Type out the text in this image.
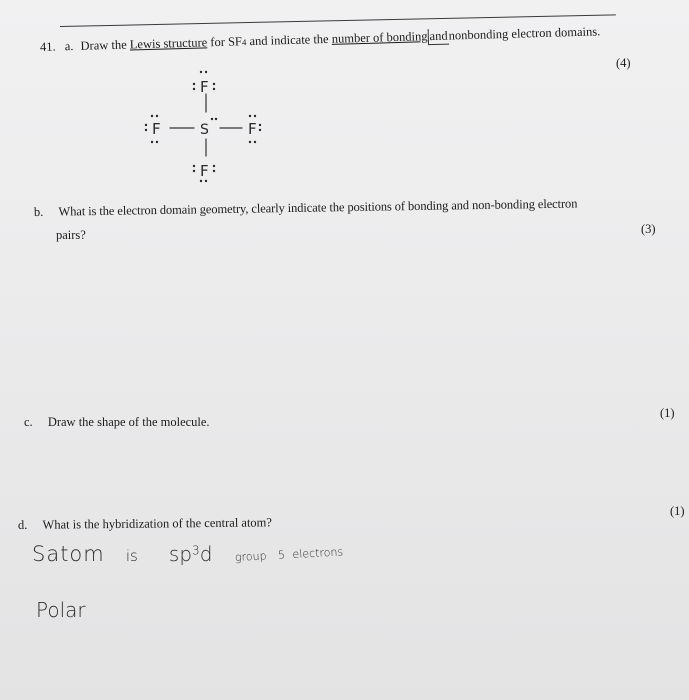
41. a. Draw the Lewis structure for SF4 and indicate the number of bonding andnonbonding electron domains.
(4)
F
F	S	F
F
b. What is the electron domain geometry, clearly indicate the positions of bonding and non-bonding electron
pairs?	(3)
c. Draw the shape of the molecule.
(1)
d. What is the hybridization of the central atom?
(1)
Satom is $sp^3d$ group 5 electrons
Polar
